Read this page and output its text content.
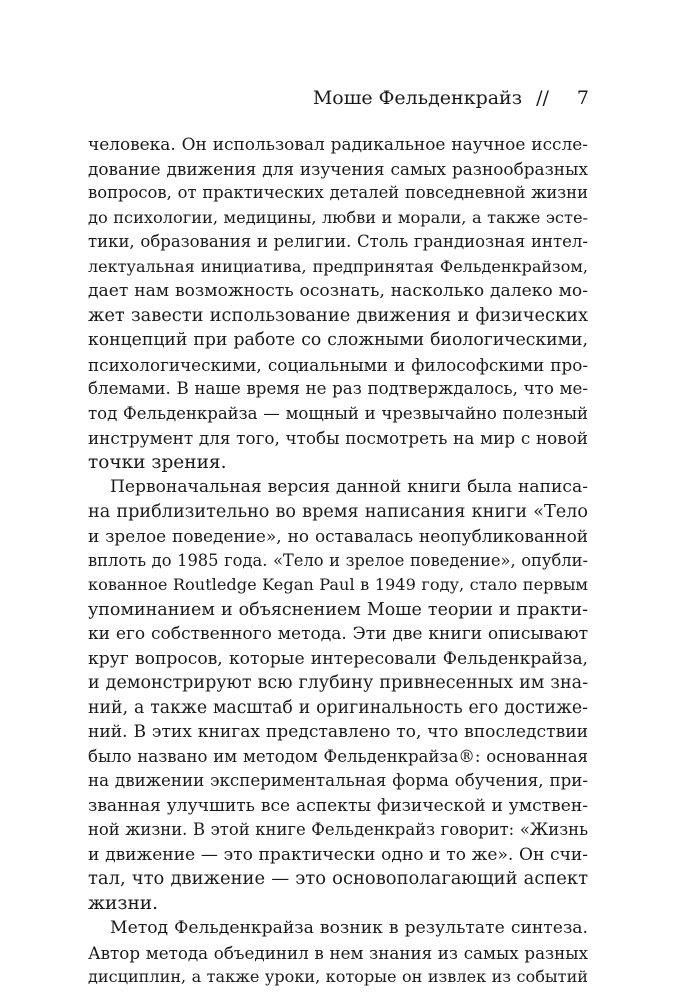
Моше Фельденкрайз // 7
человека. Он использовал радикальное научное иссле-
дование движения для изучения самых разнообразных
вопросов, от практических деталей повседневной жизни
до психологии, медицины, любви и морали, а также эсте-
тики, образования и религии. Столь грандиозная интел-
лектуальная инициатива, предпринятая Фельденкрайзом,
дает нам возможность осознать, насколько далеко мо-
жет завести использование движения и физических
концепций при работе со сложными биологическими,
психологическими, социальными и философскими про-
блемами. В наше время не раз подтверждалось, что ме-
тод Фельденкрайза — мощный и чрезвычайно полезный
инструмент для того, чтобы посмотреть на мир с новой
точки зрения.
Первоначальная версия данной книги была написа-
на приблизительно во время написания книги «Тело
и зрелое поведение», но оставалась неопубликованной
вплоть до 1985 года. «Тело и зрелое поведение», опубли-
кованное Routledge Kegan Paul в 1949 году, стало первым
упоминанием и объяснением Моше теории и практи-
ки его собственного метода. Эти две книги описывают
круг вопросов, которые интересовали Фельденкрайза,
и демонстрируют всю глубину привнесенных им зна-
ний, а также масштаб и оригинальность его достиже-
ний. В этих книгах представлено то, что впоследствии
было названо им методом Фельденкрайза®: основанная
на движении экспериментальная форма обучения, при-
званная улучшить все аспекты физической и умствен-
ной жизни. В этой книге Фельденкрайз говорит: «Жизнь
и движение — это практически одно и то же». Он счи-
тал, что движение — это основополагающий аспект
жизни.
Метод Фельденкрайза возник в результате синтеза.
Автор метода объединил в нем знания из самых разных
дисциплин, а также уроки, которые он извлек из событий
